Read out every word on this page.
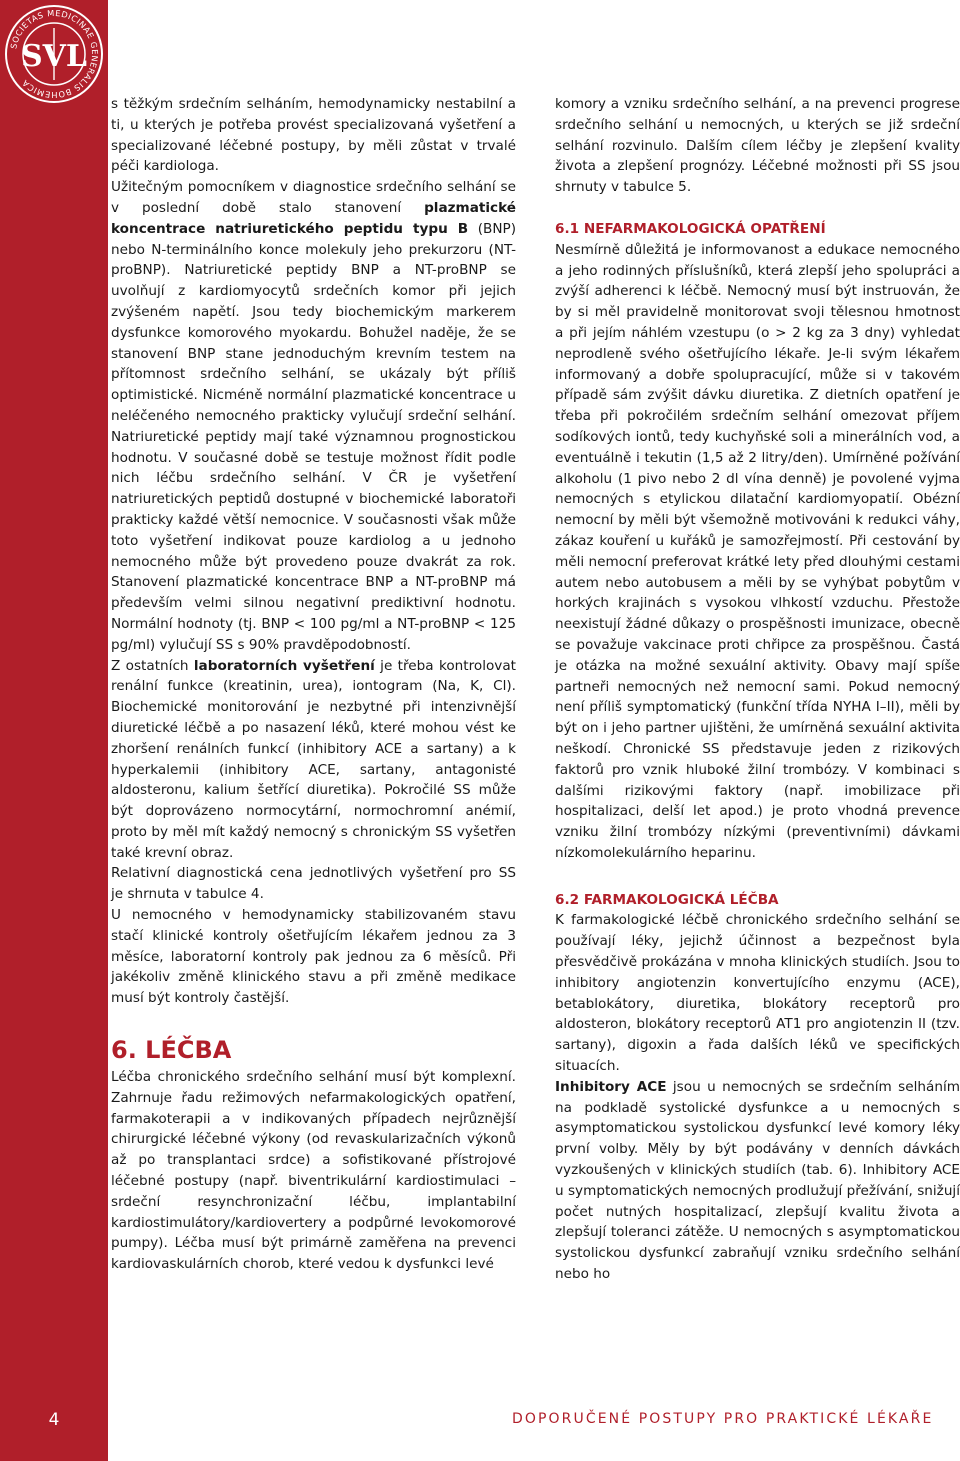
SOCIETAS MEDICINAE GENERALIS BOHEMICA
SVL
4

s těžkým srdečním selháním, hemodynamicky nestabilní a ti, u kterých je potřeba provést specializovaná vyšetření a specializované léčebné postupy, by měli zůstat v trvalé péči kardiologa.

Užitečným pomocníkem v diagnostice srdečního selhání se v poslední době stalo stanovení plazmatické koncentrace natriuretického peptidu typu B (BNP) nebo N-terminálního konce molekuly jeho prekurzoru (NT-proBNP). Natriuretické peptidy BNP a NT-proBNP se uvolňují z kardiomyocytů srdečních komor při jejich zvýšeném napětí. Jsou tedy biochemickým markerem dysfunkce komorového myokardu. Bohužel naděje, že se stanovení BNP stane jednoduchým krevním testem na přítomnost srdečního selhání, se ukázaly být příliš optimistické. Nicméně normální plazmatické koncentrace u neléčeného nemocného prakticky vylučují srdeční selhání. Natriuretické peptidy mají také významnou prognostickou hodnotu. V současné době se testuje možnost řídit podle nich léčbu srdečního selhání. V ČR je vyšetření natriuretických peptidů dostupné v biochemické laboratoři prakticky každé větší nemocnice. V současnosti však může toto vyšetření indikovat pouze kardiolog a u jednoho nemocného může být provedeno pouze dvakrát za rok. Stanovení plazmatické koncentrace BNP a NT-proBNP má především velmi silnou negativní prediktivní hodnotu. Normální hodnoty (tj. BNP < 100 pg/ml a NT-proBNP < 125 pg/ml) vylučují SS s 90% pravděpodobností.

Z ostatních laboratorních vyšetření je třeba kontrolovat renální funkce (kreatinin, urea), iontogram (Na, K, Cl). Biochemické monitorování je nezbytné při intenzivnější diuretické léčbě a po nasazení léků, které mohou vést ke zhoršení renálních funkcí (inhibitory ACE a sartany) a k hyperkalemii (inhibitory ACE, sartany, antagonisté aldosteronu, kalium šetřící diuretika). Pokročilé SS může být doprovázeno normocytární, normochromní anémií, proto by měl mít každý nemocný s chronickým SS vyšetřen také krevní obraz.

Relativní diagnostická cena jednotlivých vyšetření pro SS je shrnuta v tabulce 4.

U nemocného v hemodynamicky stabilizovaném stavu stačí klinické kontroly ošetřujícím lékařem jednou za 3 měsíce, laboratorní kontroly pak jednou za 6 měsíců. Při jakékoliv změně klinického stavu a při změně medikace musí být kontroly častější.

6. LÉČBA

Léčba chronického srdečního selhání musí být komplexní. Zahrnuje řadu režimových nefarmakologických opatření, farmakoterapii a v indikovaných případech nejrůznější chirurgické léčebné výkony (od revaskularizačních výkonů až po transplantaci srdce) a sofistikované přístrojové léčebné postupy (např. biventrikulární kardiostimulaci – srdeční resynchronizační léčbu, implantabilní kardiostimulátory/kardiovertery a podpůrné levokomorové pumpy). Léčba musí být primárně zaměřena na prevenci kardiovaskulárních chorob, které vedou k dysfunkci levé

komory a vzniku srdečního selhání, a na prevenci progrese srdečního selhání u nemocných, u kterých se již srdeční selhání rozvinulo. Dalším cílem léčby je zlepšení kvality života a zlepšení prognózy. Léčebné možnosti při SS jsou shrnuty v tabulce 5.

6.1 NEFARMAKOLOGICKÁ OPATŘENÍ

Nesmírně důležitá je informovanost a edukace nemocného a jeho rodinných příslušníků, která zlepší jeho spolupráci a zvýší adherenci k léčbě. Nemocný musí být instruován, že by si měl pravidelně monitorovat svoji tělesnou hmotnost a při jejím náhlém vzestupu (o > 2 kg za 3 dny) vyhledat neprodleně svého ošetřujícího lékaře. Je-li svým lékařem informovaný a dobře spolupracující, může si v takovém případě sám zvýšit dávku diuretika. Z dietních opatření je třeba při pokročilém srdečním selhání omezovat příjem sodíkových iontů, tedy kuchyňské soli a minerálních vod, a eventuálně i tekutin (1,5 až 2 litry/den). Umírněné požívání alkoholu (1 pivo nebo 2 dl vína denně) je povolené vyjma nemocných s etylickou dilatační kardiomyopatií. Obézní nemocní by měli být všemožně motivováni k redukci váhy, zákaz kouření u kuřáků je samozřejmostí. Při cestování by měli nemocní preferovat krátké lety před dlouhými cestami autem nebo autobusem a měli by se vyhýbat pobytům v horkých krajinách s vysokou vlhkostí vzduchu. Přestože neexistují žádné důkazy o prospěšnosti imunizace, obecně se považuje vakcinace proti chřipce za prospěšnou. Častá je otázka na možné sexuální aktivity. Obavy mají spíše partneři nemocných než nemocní sami. Pokud nemocný není příliš symptomatický (funkční třída NYHA I–II), měli by být on i jeho partner ujištěni, že umírněná sexuální aktivita neškodí. Chronické SS představuje jeden z rizikových faktorů pro vznik hluboké žilní trombózy. V kombinaci s dalšími rizikovými faktory (např. imobilizace při hospitalizaci, delší let apod.) je proto vhodná prevence vzniku žilní trombózy nízkými (preventivními) dávkami nízkomolekulárního heparinu.

6.2 FARMAKOLOGICKÁ LÉČBA

K farmakologické léčbě chronického srdečního selhání se používají léky, jejichž účinnost a bezpečnost byla přesvědčivě prokázána v mnoha klinických studiích. Jsou to inhibitory angiotenzin konvertujícího enzymu (ACE), betablokátory, diuretika, blokátory receptorů pro aldosteron, blokátory receptorů AT1 pro angiotenzin II (tzv. sartany), digoxin a řada dalších léků ve specifických situacích.

Inhibitory ACE jsou u nemocných se srdečním selháním na podkladě systolické dysfunkce a u nemocných s asymptomatickou systolickou dysfunkcí levé komory léky první volby. Měly by být podávány v denních dávkách vyzkoušených v klinických studiích (tab. 6). Inhibitory ACE u symptomatických nemocných prodlužují přežívání, snižují počet nutných hospitalizací, zlepšují kvalitu života a zlepšují toleranci zátěže. U nemocných s asymptomatickou systolickou dysfunkcí zabraňují vzniku srdečního selhání nebo ho

DOPORUČENÉ POSTUPY PRO PRAKTICKÉ LÉKAŘE
